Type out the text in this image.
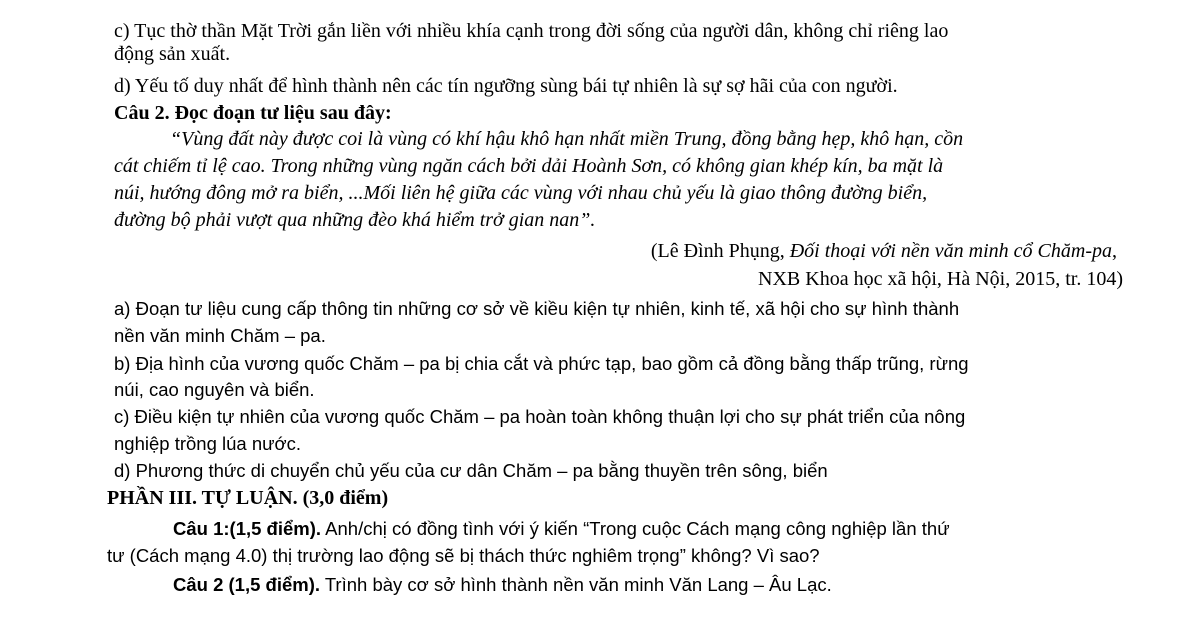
c) Tục thờ thần Mặt Trời gắn liền với nhiều khía cạnh trong đời sống của người dân, không chỉ riêng lao
động sản xuất.
d) Yếu tố duy nhất để hình thành nên các tín ngưỡng sùng bái tự nhiên là sự sợ hãi của con người.
Câu 2. Đọc đoạn tư liệu sau đây:
“Vùng đất này được coi là vùng có khí hậu khô hạn nhất miền Trung, đồng bằng hẹp, khô hạn, cồn
cát chiếm tỉ lệ cao. Trong những vùng ngăn cách bởi dải Hoành Sơn, có không gian khép kín, ba mặt là
núi, hướng đông mở ra biển, ...Mối liên hệ giữa các vùng với nhau chủ yếu là giao thông đường biển,
đường bộ phải vượt qua những đèo khá hiểm trở gian nan”.
(Lê Đình Phụng, Đối thoại với nền văn minh cổ Chăm-pa,
NXB Khoa học xã hội, Hà Nội, 2015, tr. 104)
a) Đoạn tư liệu cung cấp thông tin những cơ sở về kiều kiện tự nhiên, kinh tế, xã hội cho sự hình thành
nền văn minh Chăm – pa.
b) Địa hình của vương quốc Chăm – pa bị chia cắt và phức tạp, bao gồm cả đồng bằng thấp trũng, rừng
núi, cao nguyên và biển.
c) Điều kiện tự nhiên của vương quốc Chăm – pa hoàn toàn không thuận lợi cho sự phát triển của nông
nghiệp trồng lúa nước.
d) Phương thức di chuyển chủ yếu của cư dân Chăm – pa bằng thuyền trên sông, biển
PHẦN III. TỰ LUẬN. (3,0 điểm)
Câu 1:(1,5 điểm). Anh/chị có đồng tình với ý kiến “Trong cuộc Cách mạng công nghiệp lần thứ
tư (Cách mạng 4.0) thị trường lao động sẽ bị thách thức nghiêm trọng” không? Vì sao?
Câu 2 (1,5 điểm). Trình bày cơ sở hình thành nền văn minh Văn Lang – Âu Lạc.
